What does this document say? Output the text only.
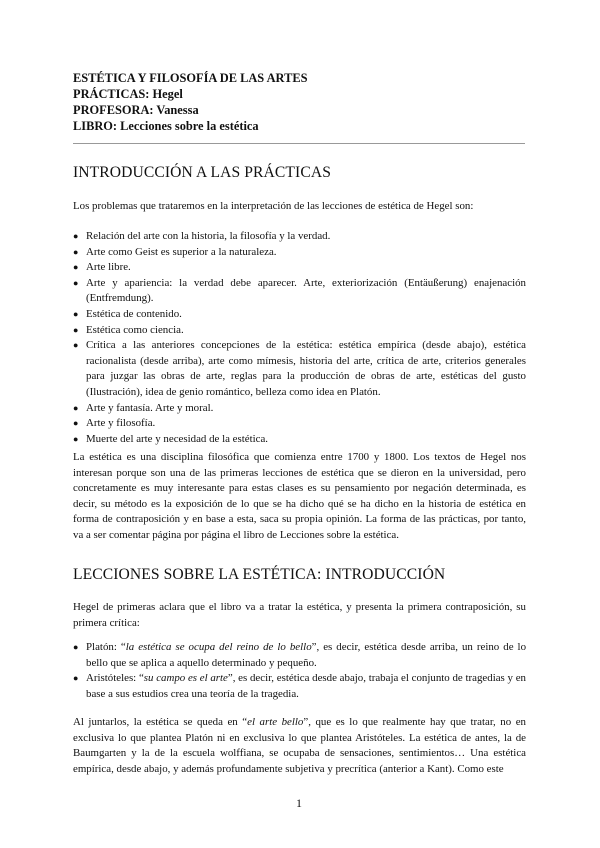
ESTÉTICA Y FILOSOFÍA DE LAS ARTES
PRÁCTICAS: Hegel
PROFESORA: Vanessa
LIBRO: Lecciones sobre la estética
INTRODUCCIÓN A LAS PRÁCTICAS
Los problemas que trataremos en la interpretación de las lecciones de estética de Hegel son:
● Relación del arte con la historia, la filosofía y la verdad.
● Arte como Geist es superior a la naturaleza.
● Arte libre.
● Arte y apariencia: la verdad debe aparecer. Arte, exteriorización (Entäußerung) enajenación (Entfremdung).
● Estética de contenido.
● Estética como ciencia.
● Crítica a las anteriores concepciones de la estética: estética empírica (desde abajo), estética racionalista (desde arriba), arte como mímesis, historia del arte, crítica de arte, criterios generales para juzgar las obras de arte, reglas para la producción de obras de arte, estéticas del gusto (Ilustración), idea de genio romántico, belleza como idea en Platón.
● Arte y fantasía. Arte y moral.
● Arte y filosofía.
● Muerte del arte y necesidad de la estética.
La estética es una disciplina filosófica que comienza entre 1700 y 1800. Los textos de Hegel nos interesan porque son una de las primeras lecciones de estética que se dieron en la universidad, pero concretamente es muy interesante para estas clases es su pensamiento por negación determinada, es decir, su método es la exposición de lo que se ha dicho qué se ha dicho en la historia de estética en forma de contraposición y en base a esta, saca su propia opinión. La forma de las prácticas, por tanto, va a ser comentar página por página el libro de Lecciones sobre la estética.
LECCIONES SOBRE LA ESTÉTICA: INTRODUCCIÓN
Hegel de primeras aclara que el libro va a tratar la estética, y presenta la primera contraposición, su primera crítica:
● Platón: “la estética se ocupa del reino de lo bello”, es decir, estética desde arriba, un reino de lo bello que se aplica a aquello determinado y pequeño.
● Aristóteles: “su campo es el arte”, es decir, estética desde abajo, trabaja el conjunto de tragedias y en base a sus estudios crea una teoría de la tragedia.
Al juntarlos, la estética se queda en “el arte bello”, que es lo que realmente hay que tratar, no en exclusiva lo que plantea Platón ni en exclusiva lo que plantea Aristóteles. La estética de antes, la de Baumgarten y la de la escuela wolffiana, se ocupaba de sensaciones, sentimientos… Una estética empírica, desde abajo, y además profundamente subjetiva y precrítica (anterior a Kant). Como este
1
